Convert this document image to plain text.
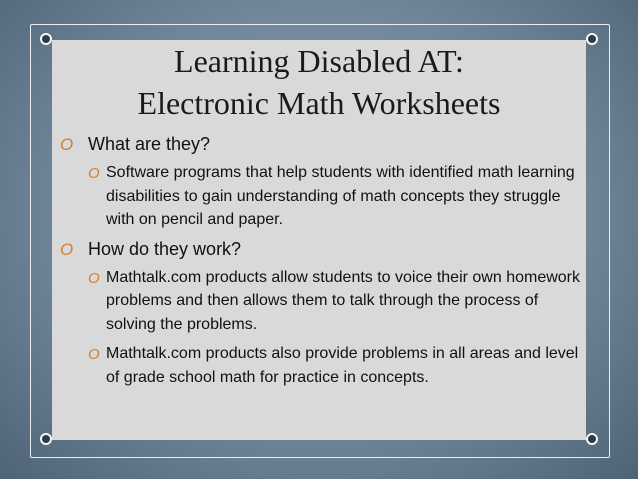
Learning Disabled AT:
Electronic Math Worksheets
O What are they?
O Software programs that help students with identified math learning disabilities to gain understanding of math concepts they struggle with on pencil and paper.
O How do they work?
O Mathtalk.com products allow students to voice their own homework problems and then allows them to talk through the process of solving the problems.
O Mathtalk.com products also provide problems in all areas and level of grade school math for practice in concepts.
